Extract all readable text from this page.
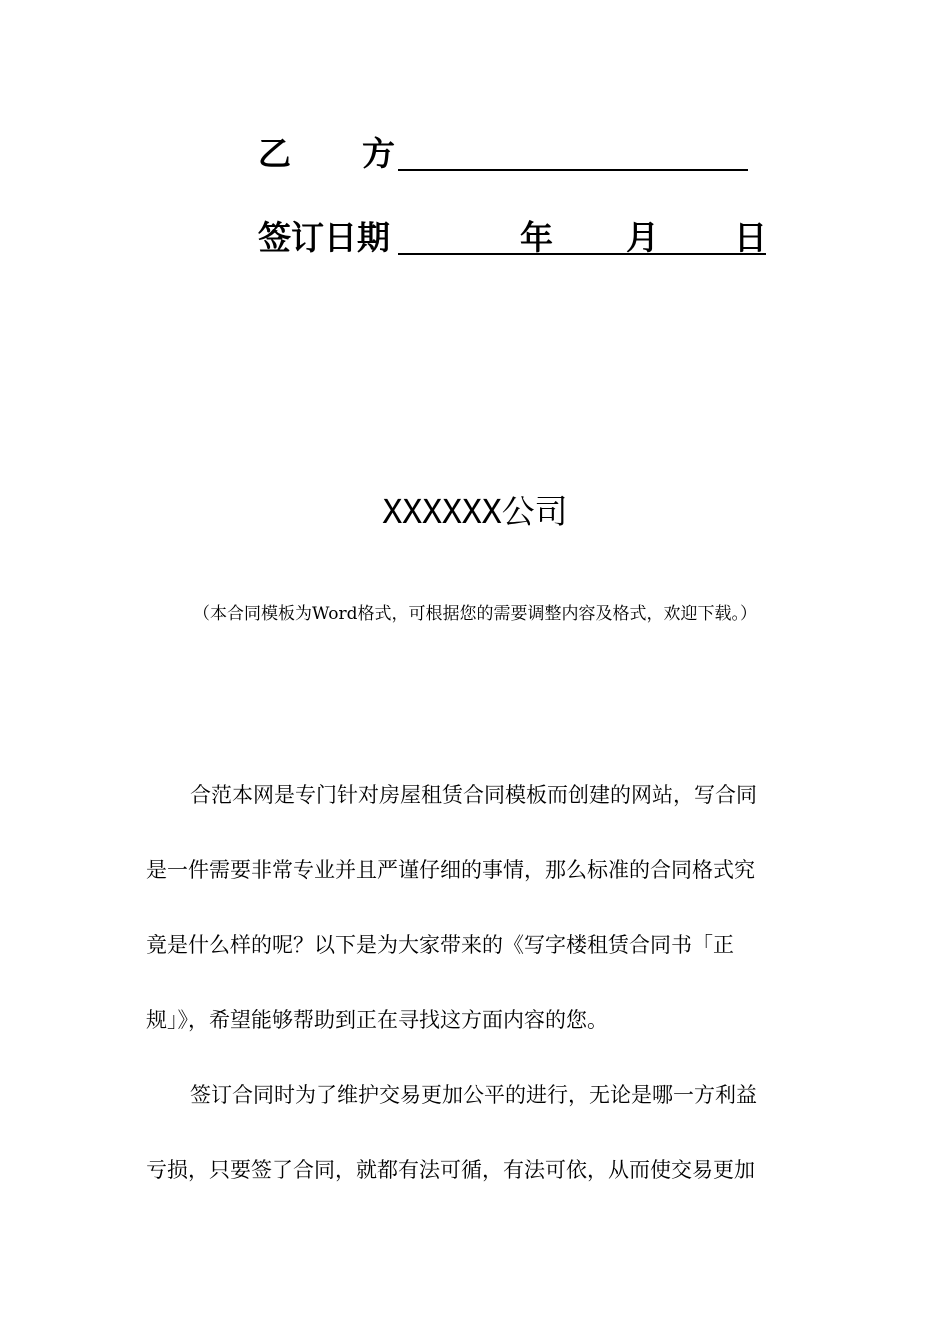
乙 方
签订日期	年 月 日
XXXXXX公司
（本合同模板为Word格式，可根据您的需要调整内容及格式，欢迎下载。）
合范本网是专门针对房屋租赁合同模板而创建的网站，写合同
是一件需要非常专业并且严谨仔细的事情，那么标准的合同格式究
竟是什么样的呢？以下是为大家带来的《写字楼租赁合同书「正
规」》，希望能够帮助到正在寻找这方面内容的您。
签订合同时为了维护交易更加公平的进行，无论是哪一方利益
亏损，只要签了合同，就都有法可循，有法可依，从而使交易更加
